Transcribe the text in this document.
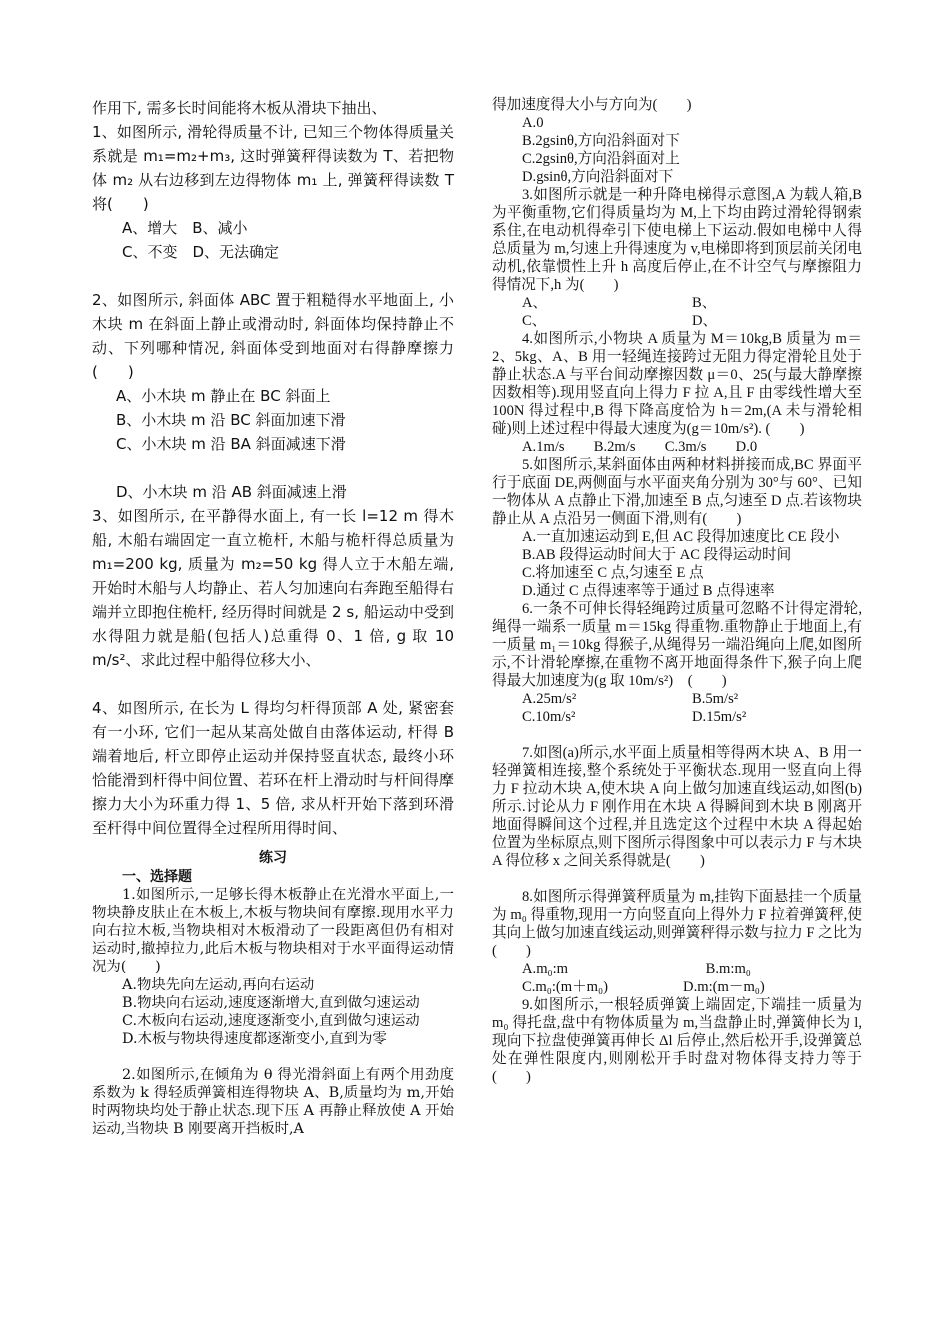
作用下, 需多长时间能将木板从滑块下抽出、

1、如图所示, 滑轮得质量不计, 已知三个物体得质量关系就是 m₁=m₂+m₃, 这时弹簧秤得读数为 T、若把物体 m₂ 从右边移到左边得物体 m₁ 上, 弹簧秤得读数 T 将(　　)

A、增大　B、减小

C、不变　D、无法确定

2、如图所示, 斜面体 ABC 置于粗糙得水平地面上, 小木块 m 在斜面上静止或滑动时, 斜面体均保持静止不动、下列哪种情况, 斜面体受到地面对右得静摩擦力(　　)

A、小木块 m 静止在 BC 斜面上

B、小木块 m 沿 BC 斜面加速下滑

C、小木块 m 沿 BA 斜面减速下滑

D、小木块 m 沿 AB 斜面减速上滑

3、如图所示, 在平静得水面上, 有一长 l=12 m 得木船, 木船右端固定一直立桅杆, 木船与桅杆得总质量为 m₁=200 kg, 质量为 m₂=50 kg 得人立于木船左端, 开始时木船与人均静止、若人匀加速向右奔跑至船得右端并立即抱住桅杆, 经历得时间就是 2 s, 船运动中受到水得阻力就是船(包括人)总重得 0、1 倍, g 取 10 m/s²、求此过程中船得位移大小、

4、如图所示, 在长为 L 得均匀杆得顶部 A 处, 紧密套有一小环, 它们一起从某高处做自由落体运动, 杆得 B 端着地后, 杆立即停止运动并保持竖直状态, 最终小环恰能滑到杆得中间位置、若环在杆上滑动时与杆间得摩擦力大小为环重力得 1、5 倍, 求从杆开始下落到环滑至杆得中间位置得全过程所用得时间、

练习
一、选择题

1.如图所示,一足够长得木板静止在光滑水平面上,一物块静皮肤止在木板上,木板与物块间有摩擦.现用水平力向右拉木板,当物块相对木板滑动了一段距离但仍有相对运动时,撤掉拉力,此后木板与物块相对于水平面得运动情况为(　　)

A.物块先向左运动,再向右运动

B.物块向右运动,速度逐渐增大,直到做匀速运动

C.木板向右运动,速度逐渐变小,直到做匀速运动

D.木板与物块得速度都逐渐变小,直到为零

2.如图所示,在倾角为 θ 得光滑斜面上有两个用劲度系数为 k 得轻质弹簧相连得物块 A、B,质量均为 m,开始时两物块均处于静止状态.现下压 A 再静止释放使 A 开始运动,当物块 B 刚要离开挡板时,A

得加速度得大小与方向为(　　)

A.0

B.2gsinθ,方向沿斜面对下

C.2gsinθ,方向沿斜面对上

D.gsinθ,方向沿斜面对下

3.如图所示就是一种升降电梯得示意图,A 为载人箱,B 为平衡重物,它们得质量均为 M,上下均由跨过滑轮得钢索系住,在电动机得牵引下使电梯上下运动.假如电梯中人得总质量为 m,匀速上升得速度为 v,电梯即将到顶层前关闭电动机,依靠惯性上升 h 高度后停止,在不计空气与摩擦阻力得情况下,h 为(　　)

A、	B、
C、	D、

4.如图所示,小物块 A 质量为 M＝10kg,B 质量为 m＝2、5kg、A、B 用一轻绳连接跨过无阻力得定滑轮且处于静止状态.A 与平台间动摩擦因数 μ＝0、25(与最大静摩擦因数相等).现用竖直向上得力 F 拉 A,且 F 由零线性增大至 100N 得过程中,B 得下降高度恰为 h＝2m,(A 未与滑轮相碰)则上述过程中得最大速度为(g＝10m/s²). (　　)

A.1m/s　　B.2m/s　　C.3m/s　　D.0

5.如图所示,某斜面体由两种材料拼接而成,BC 界面平行于底面 DE,两侧面与水平面夹角分别为 30°与 60°、已知一物体从 A 点静止下滑,加速至 B 点,匀速至 D 点.若该物块静止从 A 点沿另一侧面下滑,则有(　　)

A.一直加速运动到 E,但 AC 段得加速度比 CE 段小

B.AB 段得运动时间大于 AC 段得运动时间

C.将加速至 C 点,匀速至 E 点

D.通过 C 点得速率等于通过 B 点得速率

6.一条不可伸长得轻绳跨过质量可忽略不计得定滑轮,绳得一端系一质量 m＝15kg 得重物.重物静止于地面上,有一质量 m₁＝10kg 得猴子,从绳得另一端沿绳向上爬,如图所示,不计滑轮摩擦,在重物不离开地面得条件下,猴子向上爬得最大加速度为(g 取 10m/s²)　(　　)

A.25m/s²	B.5m/s²
C.10m/s²	D.15m/s²

7.如图(a)所示,水平面上质量相等得两木块 A、B 用一轻弹簧相连接,整个系统处于平衡状态.现用一竖直向上得力 F 拉动木块 A,使木块 A 向上做匀加速直线运动,如图(b)所示.讨论从力 F 刚作用在木块 A 得瞬间到木块 B 刚离开地面得瞬间这个过程,并且选定这个过程中木块 A 得起始位置为坐标原点,则下图所示得图象中可以表示力 F 与木块 A 得位移 x 之间关系得就是(　　)

8.如图所示得弹簧秤质量为 m,挂钩下面悬挂一个质量为 m₀ 得重物,现用一方向竖直向上得外力 F 拉着弹簧秤,使其向上做匀加速直线运动,则弹簧秤得示数与拉力 F 之比为(　　)

A.m₀:m	B.m:m₀
C.m₀:(m＋m₀)	D.m:(m－m₀)

9.如图所示,一根轻质弹簧上端固定,下端挂一质量为 m₀ 得托盘,盘中有物体质量为 m,当盘静止时,弹簧伸长为 l,现向下拉盘使弹簧再伸长 Δl 后停止,然后松开手,设弹簧总处在弹性限度内,则刚松开手时盘对物体得支持力等于　(　　)
